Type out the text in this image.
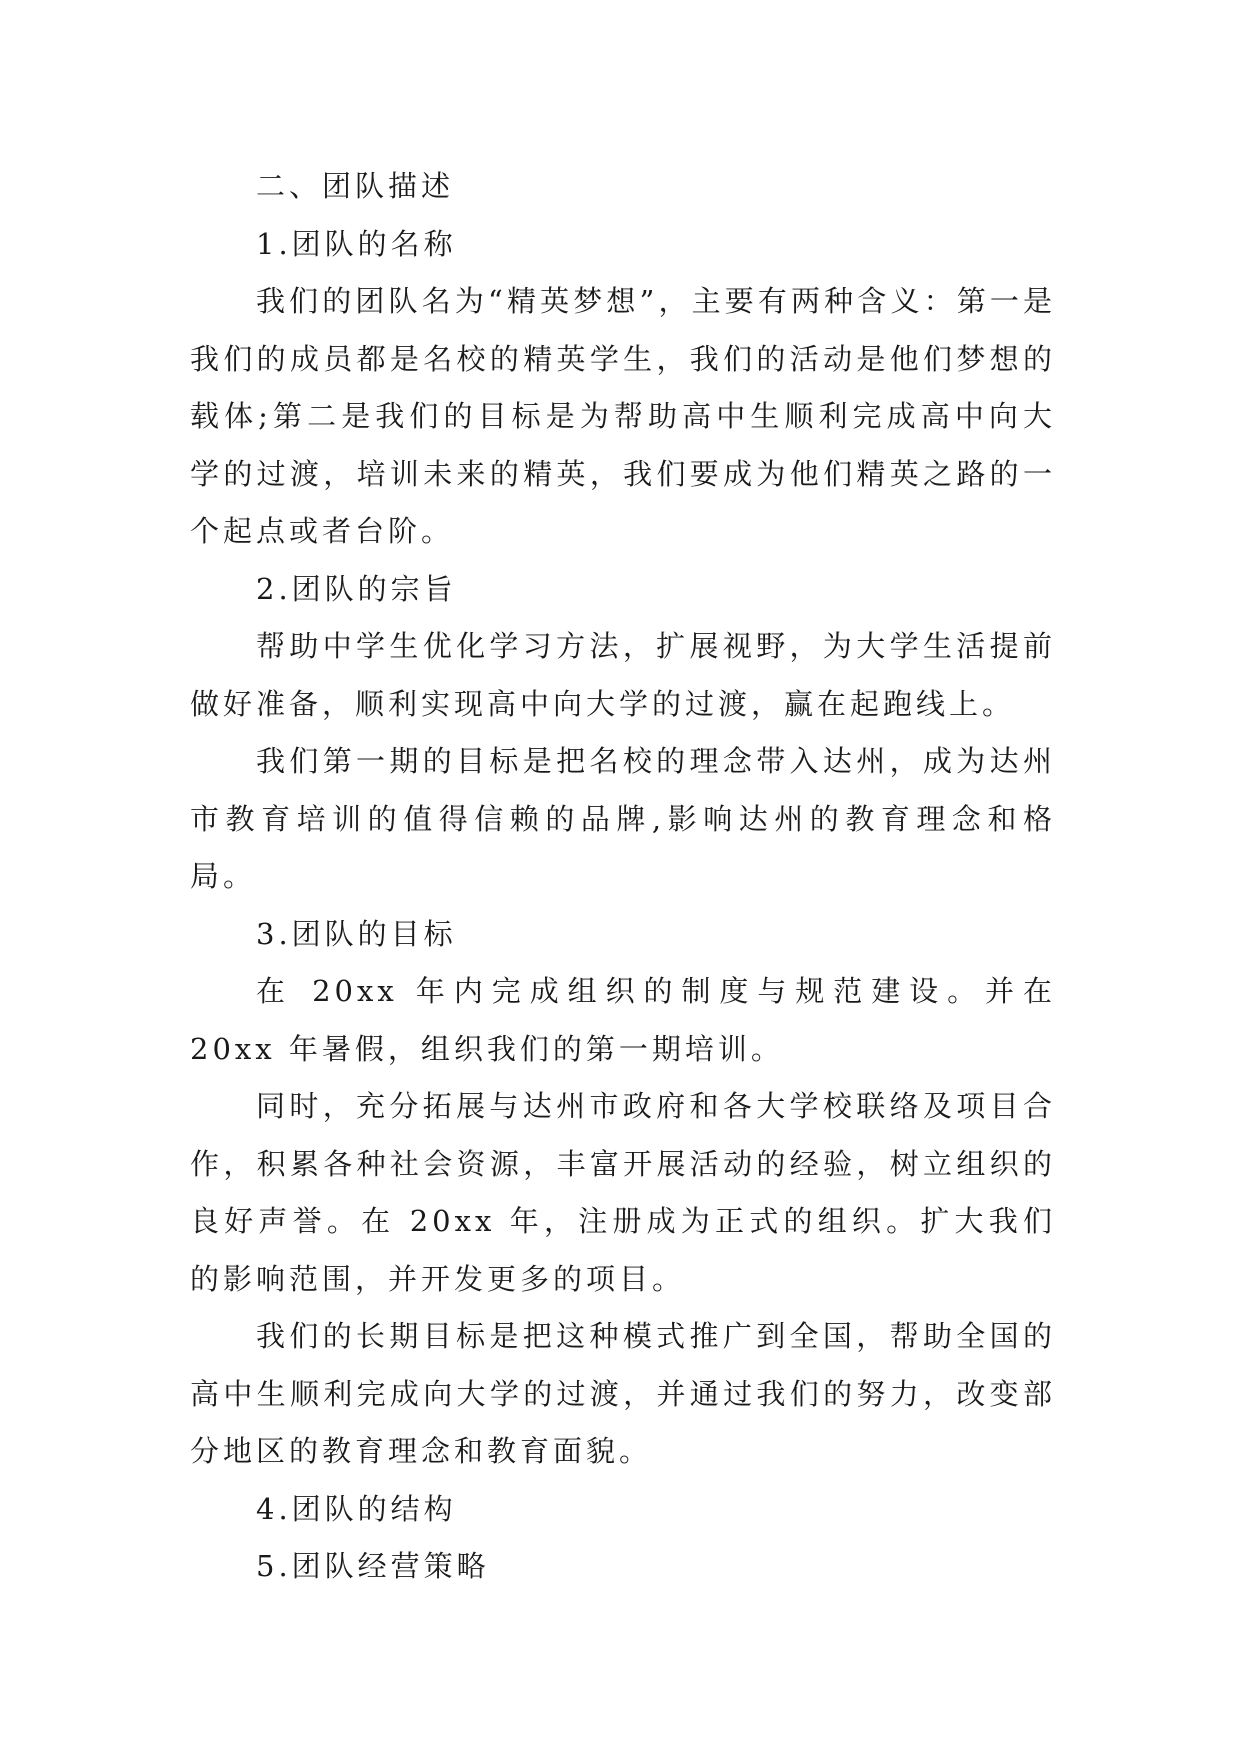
二、团队描述

1.团队的名称

我们的团队名为“精英梦想”，主要有两种含义：第一是我们的成员都是名校的精英学生，我们的活动是他们梦想的载体;第二是我们的目标是为帮助高中生顺利完成高中向大学的过渡，培训未来的精英，我们要成为他们精英之路的一个起点或者台阶。

2.团队的宗旨

帮助中学生优化学习方法，扩展视野，为大学生活提前做好准备，顺利实现高中向大学的过渡，赢在起跑线上。

我们第一期的目标是把名校的理念带入达州，成为达州市教育培训的值得信赖的品牌,影响达州的教育理念和格局。

3.团队的目标

在 20xx 年内完成组织的制度与规范建设。并在 20xx 年暑假，组织我们的第一期培训。

同时，充分拓展与达州市政府和各大学校联络及项目合作，积累各种社会资源，丰富开展活动的经验，树立组织的良好声誉。在 20xx 年，注册成为正式的组织。扩大我们的影响范围，并开发更多的项目。

我们的长期目标是把这种模式推广到全国，帮助全国的高中生顺利完成向大学的过渡，并通过我们的努力，改变部分地区的教育理念和教育面貌。

4.团队的结构

5.团队经营策略
